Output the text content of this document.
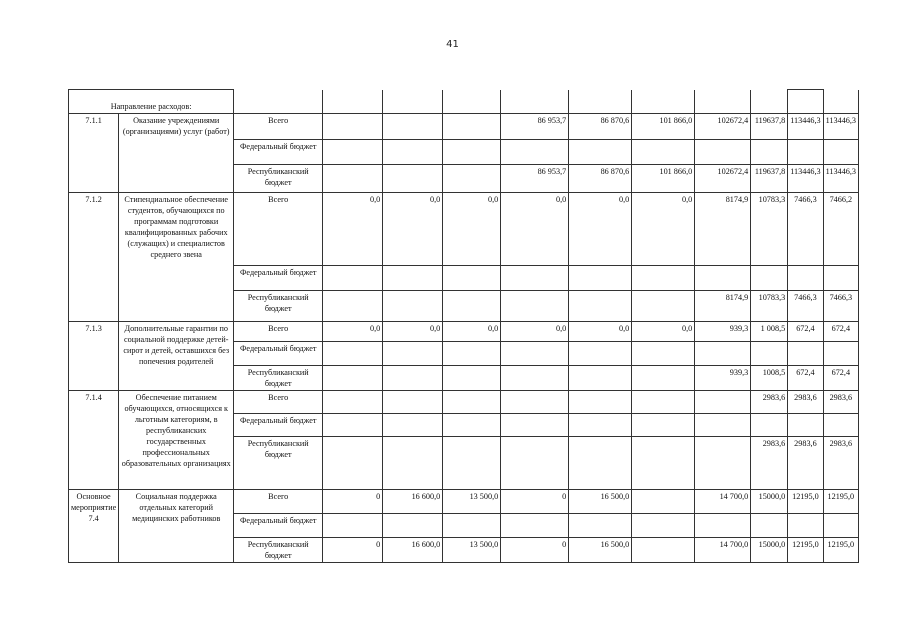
41
Направление расходов:												
7.1.1	Оказание учреждениями (организациями) услуг (работ)	Всего				86 953,7	86 870,6	101 866,0	102672,4	119637,8	113446,3	113446,3
		Федеральный бюджет										
		Республиканский бюджет				86 953,7	86 870,6	101 866,0	102672,4	119637,8	113446,3	113446,3
7.1.2	Стипендиальное обеспечение студентов, обучающихся по программам подготовки квалифицированных рабочих (служащих) и специалистов среднего звена	Всего	0,0	0,0	0,0	0,0	0,0	0,0	8174,9	10783,3	7466,3	7466,2
		Федеральный бюджет										
		Республиканский бюджет							8174,9	10783,3	7466,3	7466,3
7.1.3	Дополнительные гарантии по социальной поддержке детей-сирот и детей, оставшихся без попечения родителей	Всего	0,0	0,0	0,0	0,0	0,0	0,0	939,3	1 008,5	672,4	672,4
		Федеральный бюджет										
		Республиканский бюджет							939,3	1008,5	672,4	672,4
7.1.4	Обеспечение питанием обучающихся, относящихся к льготным категориям, в республиканских государственных профессиональных образовательных организациях	Всего								2983,6	2983,6	2983,6
		Федеральный бюджет										
		Республиканский бюджет								2983,6	2983,6	2983,6
Основное мероприятие 7.4	Социальная поддержка отдельных категорий медицинских работников	Всего	0	16 600,0	13 500,0	0	16 500,0		14 700,0	15000,0	12195,0	12195,0
		Федеральный бюджет										
		Республиканский бюджет	0	16 600,0	13 500,0	0	16 500,0		14 700,0	15000,0	12195,0	12195,0
